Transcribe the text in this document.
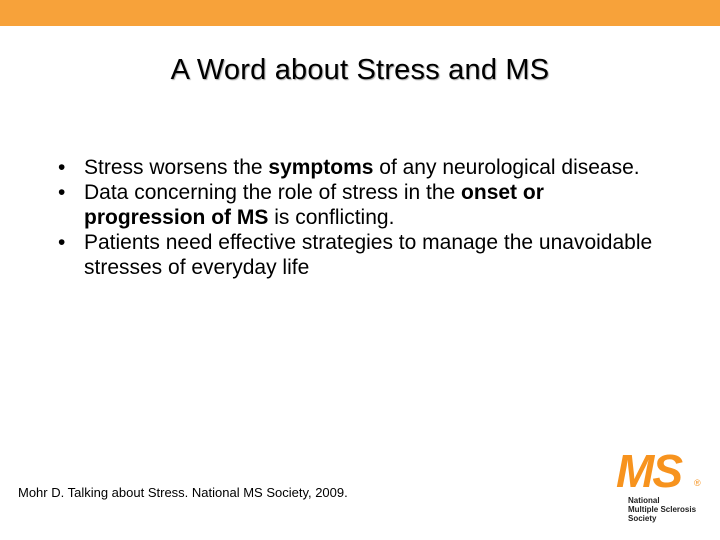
A Word about Stress and MS
• Stress worsens the symptoms of any neurological disease.
• Data concerning the role of stress in the onset or progression of MS is conflicting.
• Patients need effective strategies to manage the unavoidable stresses of everyday life
Mohr D. Talking about Stress. National MS Society, 2009.	MS ®
National
Multiple Sclerosis
Society
